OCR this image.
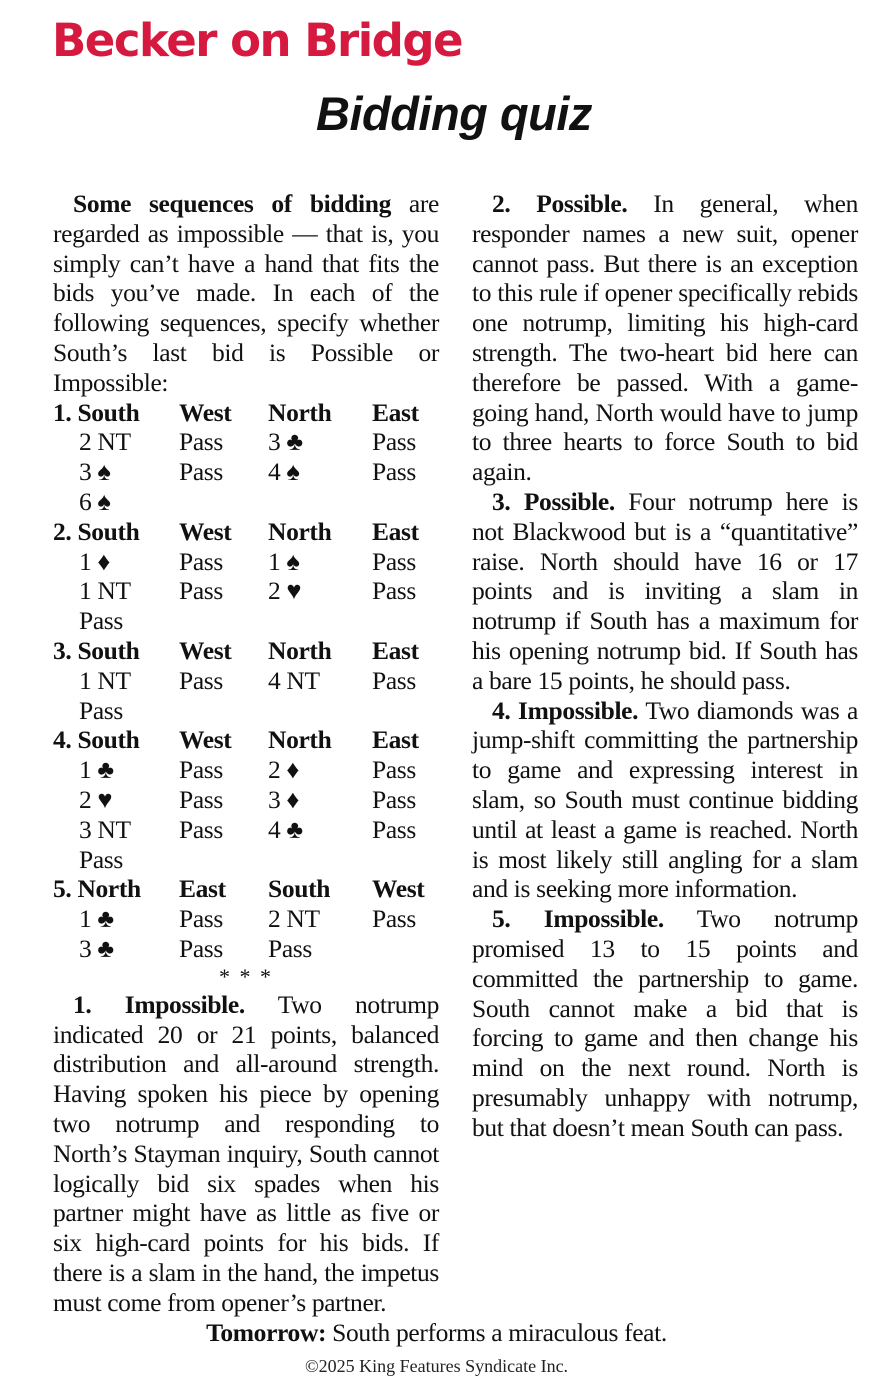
Becker on Bridge
Bidding quiz

Some sequences of bidding are regarded as impossible — that is, you simply can’t have a hand that fits the bids you’ve made. In each of the following sequences, specify whether South’s last bid is Possible or Impossible:

1. South	West	North	East
2 NT	Pass	3 ♣	Pass
3 ♠	Pass	4 ♠	Pass
6 ♠			
2. South	West	North	East
1 ♦	Pass	1 ♠	Pass
1 NT	Pass	2 ♥	Pass
Pass			
3. South	West	North	East
1 NT	Pass	4 NT	Pass
Pass			
4. South	West	North	East
1 ♣	Pass	2 ♦	Pass
2 ♥	Pass	3 ♦	Pass
3 NT	Pass	4 ♣	Pass
Pass			
5. North	East	South	West
1 ♣	Pass	2 NT	Pass
3 ♣	Pass	Pass	

* * *

1. Impossible. Two notrump indicated 20 or 21 points, balanced distribution and all-around strength. Having spoken his piece by opening two notrump and responding to North’s Stayman inquiry, South cannot logically bid six spades when his partner might have as little as five or six high-card points for his bids. If there is a slam in the hand, the impetus must come from opener’s partner.

2. Possible. In general, when responder names a new suit, opener cannot pass. But there is an exception to this rule if opener specifically rebids one notrump, limiting his high-card strength. The two-heart bid here can therefore be passed. With a game-going hand, North would have to jump to three hearts to force South to bid again.

3. Possible. Four notrump here is not Blackwood but is a “quantitative” raise. North should have 16 or 17 points and is inviting a slam in notrump if South has a maximum for his opening notrump bid. If South has a bare 15 points, he should pass.

4. Impossible. Two diamonds was a jump-shift committing the partnership to game and expressing interest in slam, so South must continue bidding until at least a game is reached. North is most likely still angling for a slam and is seeking more information.

5. Impossible. Two notrump promised 13 to 15 points and committed the partnership to game. South cannot make a bid that is forcing to game and then change his mind on the next round. North is presumably unhappy with notrump, but that doesn’t mean South can pass.

Tomorrow: South performs a miraculous feat.
©2025 King Features Syndicate Inc.
